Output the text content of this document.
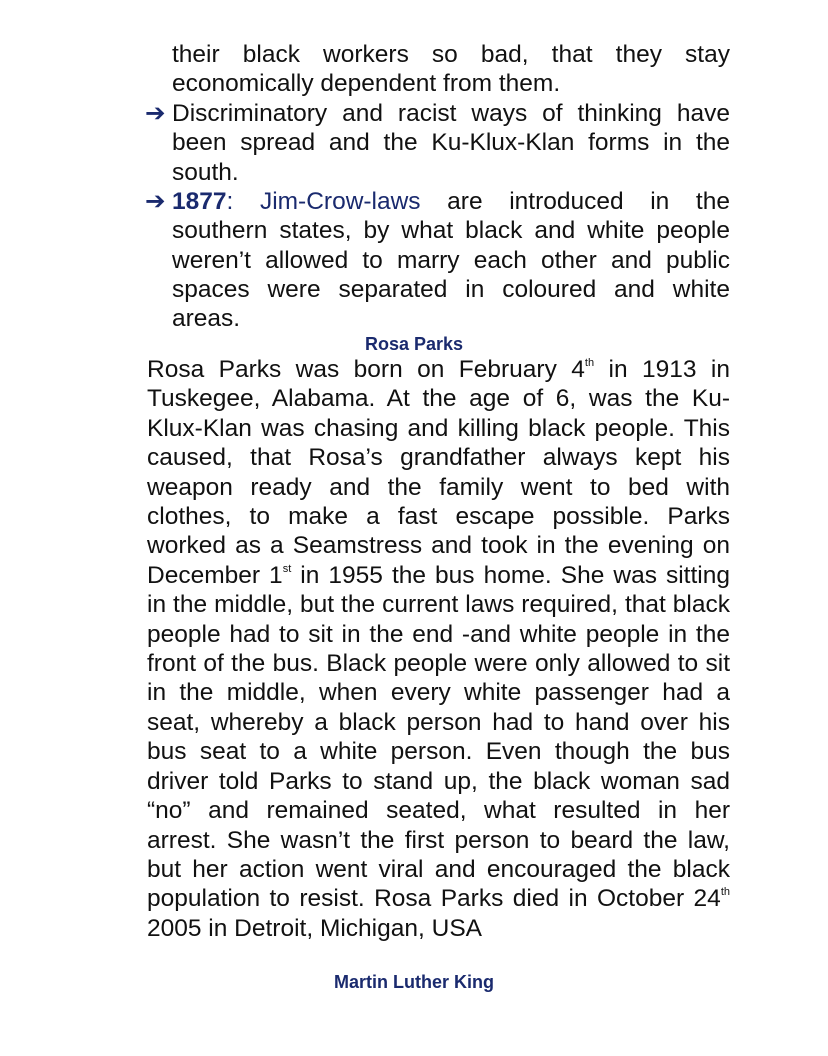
their black workers so bad, that they stay economically dependent from them.
➔ Discriminatory and racist ways of thinking have been spread and the Ku-Klux-Klan forms in the south.
➔ 1877: Jim-Crow-laws are introduced in the southern states, by what black and white people weren’t allowed to marry each other and public spaces were separated in coloured and white areas.
Rosa Parks
Rosa Parks was born on February 4th in 1913 in Tuskegee, Alabama. At the age of 6, was the Ku-Klux-Klan was chasing and killing black people. This caused, that Rosa’s grandfather always kept his weapon ready and the family went to bed with clothes, to make a fast escape possible. Parks worked as a Seamstress and took in the evening on December 1st in 1955 the bus home. She was sitting in the middle, but the current laws required, that black people had to sit in the end -and white people in the front of the bus. Black people were only allowed to sit in the middle, when every white passenger had a seat, whereby a black person had to hand over his bus seat to a white person. Even though the bus driver told Parks to stand up, the black woman sad “no” and remained seated, what resulted in her arrest. She wasn’t the first person to beard the law, but her action went viral and encouraged the black population to resist. Rosa Parks died in October 24th 2005 in Detroit, Michigan, USA
Martin Luther King
